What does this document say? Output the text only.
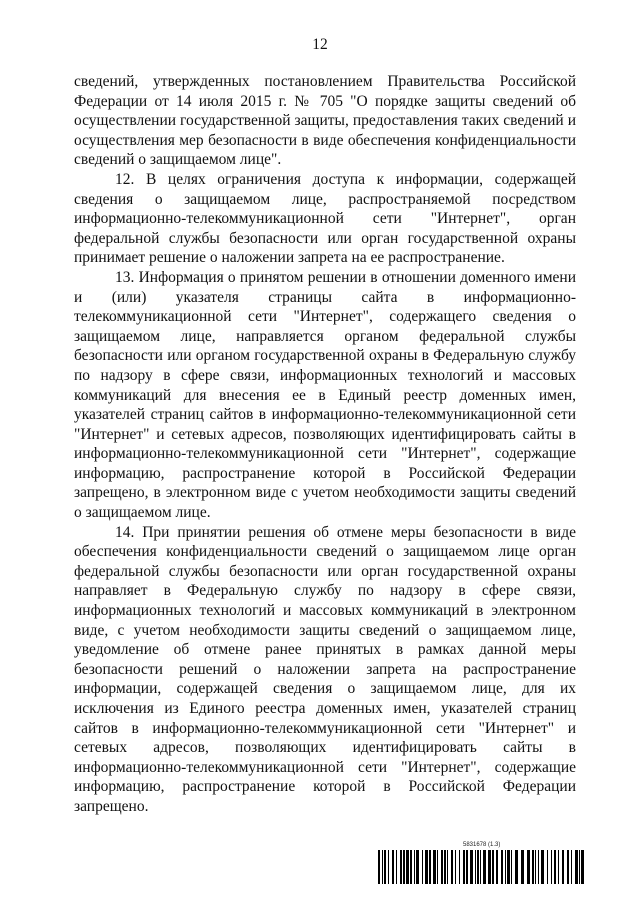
12

сведений, утвержденных постановлением Правительства Российской Федерации от 14 июля 2015 г. № 705 "О порядке защиты сведений об осуществлении государственной защиты, предоставления таких сведений и осуществления мер безопасности в виде обеспечения конфиденциальности сведений о защищаемом лице".

12. В целях ограничения доступа к информации, содержащей сведения о защищаемом лице, распространяемой посредством информационно-телекоммуникационной сети "Интернет", орган федеральной службы безопасности или орган государственной охраны принимает решение о наложении запрета на ее распространение.

13. Информация о принятом решении в отношении доменного имени и (или) указателя страницы сайта в информационно-телекоммуникационной сети "Интернет", содержащего сведения о защищаемом лице, направляется органом федеральной службы безопасности или органом государственной охраны в Федеральную службу по надзору в сфере связи, информационных технологий и массовых коммуникаций для внесения ее в Единый реестр доменных имен, указателей страниц сайтов в информационно-телекоммуникационной сети "Интернет" и сетевых адресов, позволяющих идентифицировать сайты в информационно-телекоммуникационной сети "Интернет", содержащие информацию, распространение которой в Российской Федерации запрещено, в электронном виде с учетом необходимости защиты сведений о защищаемом лице.

14. При принятии решения об отмене меры безопасности в виде обеспечения конфиденциальности сведений о защищаемом лице орган федеральной службы безопасности или орган государственной охраны направляет в Федеральную службу по надзору в сфере связи, информационных технологий и массовых коммуникаций в электронном виде, с учетом необходимости защиты сведений о защищаемом лице, уведомление об отмене ранее принятых в рамках данной меры безопасности решений о наложении запрета на распространение информации, содержащей сведения о защищаемом лице, для их исключения из Единого реестра доменных имен, указателей страниц сайтов в информационно-телекоммуникационной сети "Интернет" и сетевых адресов, позволяющих идентифицировать сайты в информационно-телекоммуникационной сети "Интернет", содержащие информацию, распространение которой в Российской Федерации запрещено.

5831678 (1.3)
